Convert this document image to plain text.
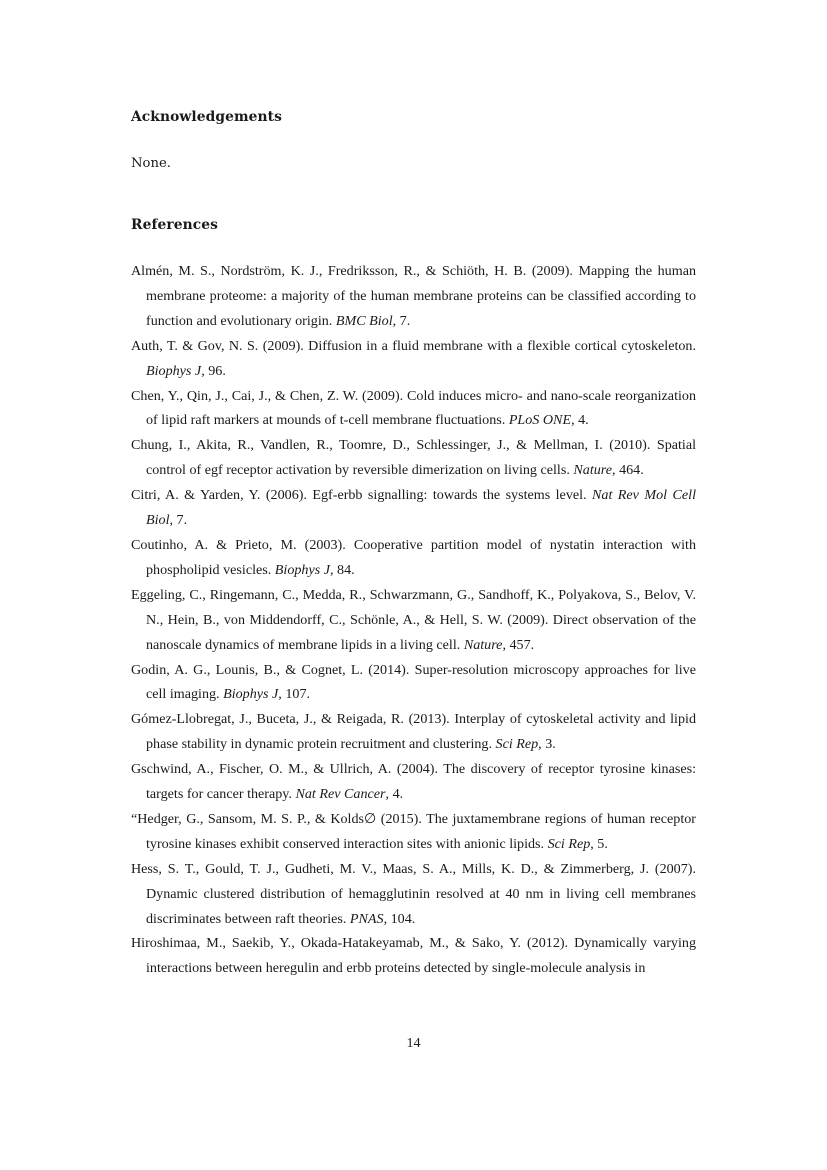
Acknowledgements
None.
References

Almén, M. S., Nordström, K. J., Fredriksson, R., & Schiöth, H. B. (2009). Mapping the human membrane proteome: a majority of the human membrane proteins can be classified according to function and evolutionary origin. BMC Biol, 7.

Auth, T. & Gov, N. S. (2009). Diffusion in a fluid membrane with a flexible cortical cytoskeleton. Biophys J, 96.

Chen, Y., Qin, J., Cai, J., & Chen, Z. W. (2009). Cold induces micro- and nano-scale reorganization of lipid raft markers at mounds of t-cell membrane fluctuations. PLoS ONE, 4.

Chung, I., Akita, R., Vandlen, R., Toomre, D., Schlessinger, J., & Mellman, I. (2010). Spatial control of egf receptor activation by reversible dimerization on living cells. Nature, 464.

Citri, A. & Yarden, Y. (2006). Egf-erbb signalling: towards the systems level. Nat Rev Mol Cell Biol, 7.

Coutinho, A. & Prieto, M. (2003). Cooperative partition model of nystatin interaction with phospholipid vesicles. Biophys J, 84.

Eggeling, C., Ringemann, C., Medda, R., Schwarzmann, G., Sandhoff, K., Polyakova, S., Belov, V. N., Hein, B., von Middendorff, C., Schönle, A., & Hell, S. W. (2009). Direct observation of the nanoscale dynamics of membrane lipids in a living cell. Nature, 457.

Godin, A. G., Lounis, B., & Cognet, L. (2014). Super-resolution microscopy approaches for live cell imaging. Biophys J, 107.

Gómez-Llobregat, J., Buceta, J., & Reigada, R. (2013). Interplay of cytoskeletal activity and lipid phase stability in dynamic protein recruitment and clustering. Sci Rep, 3.

Gschwind, A., Fischer, O. M., & Ullrich, A. (2004). The discovery of receptor tyrosine kinases: targets for cancer therapy. Nat Rev Cancer, 4.

“Hedger, G., Sansom, M. S. P., & Kolds∅ (2015). The juxtamembrane regions of human receptor tyrosine kinases exhibit conserved interaction sites with anionic lipids. Sci Rep, 5.

Hess, S. T., Gould, T. J., Gudheti, M. V., Maas, S. A., Mills, K. D., & Zimmerberg, J. (2007). Dynamic clustered distribution of hemagglutinin resolved at 40 nm in living cell membranes discriminates between raft theories. PNAS, 104.

Hiroshimaa, M., Saekib, Y., Okada-Hatakeyamab, M., & Sako, Y. (2012). Dynamically varying interactions between heregulin and erbb proteins detected by single-molecule analysis in

14
